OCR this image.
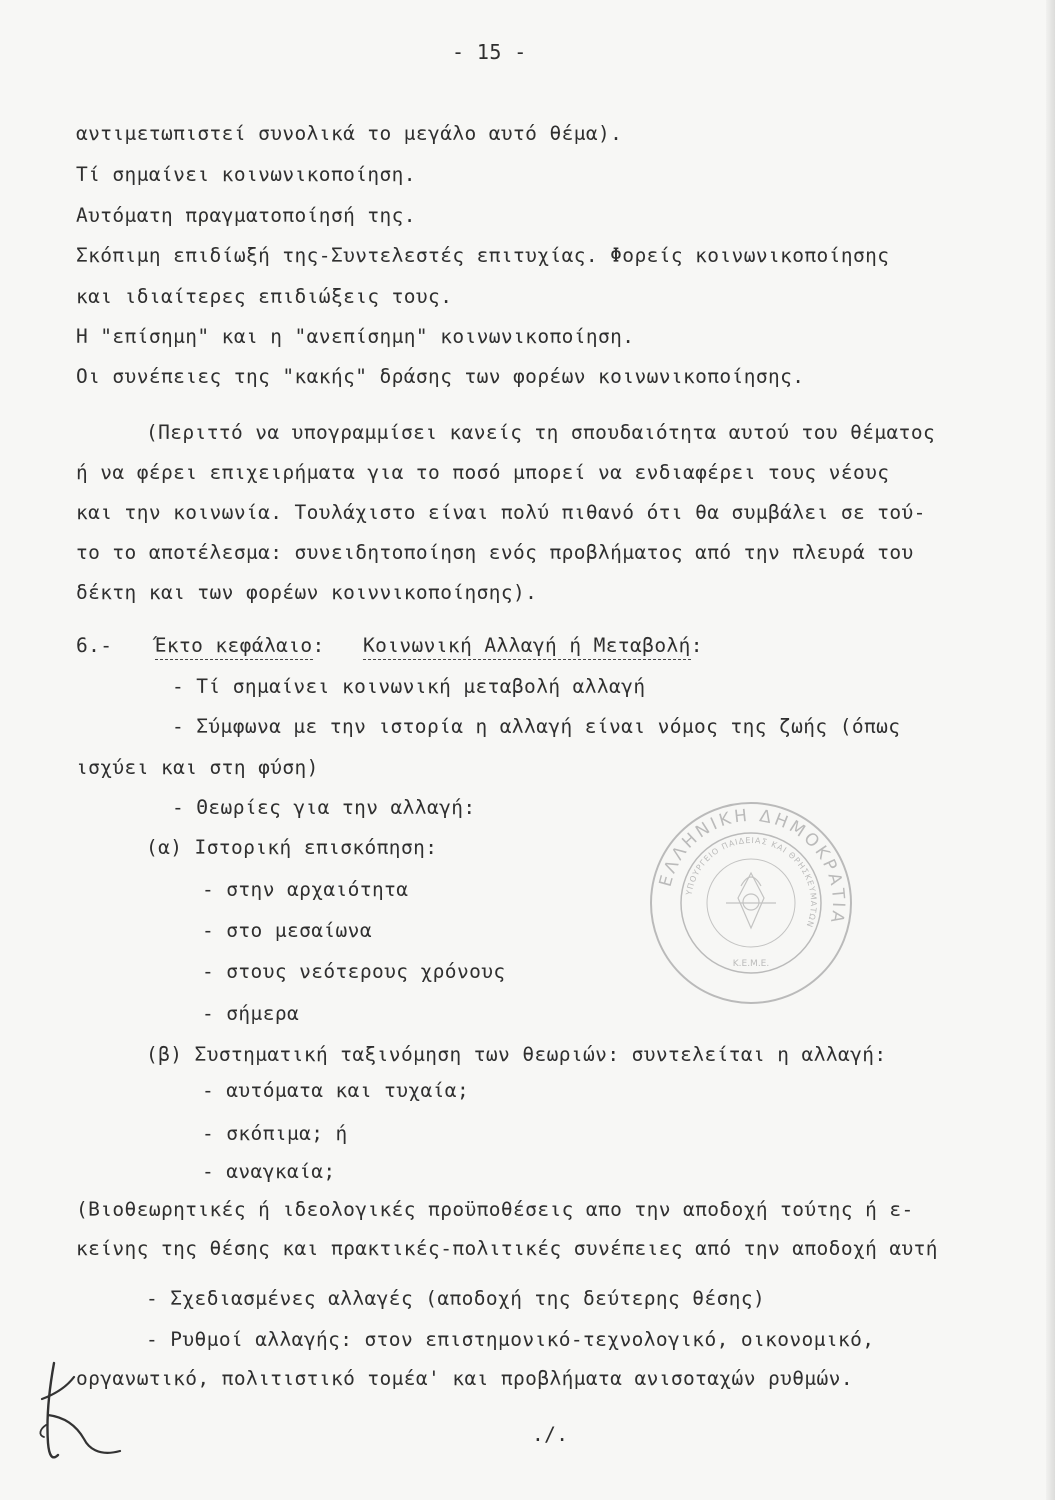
- 15 -
αντιμετωπιστεί συνολικά το μεγάλο αυτό θέμα).
Τί σημαίνει κοινωνικοποίηση.
Αυτόματη πραγματοποίησή της.
Σκόπιμη επιδίωξή της-Συντελεστές επιτυχίας. Φορείς κοινωνικοποίησης
και ιδιαίτερες επιδιώξεις τους.
Η "επίσημη" και η "ανεπίσημη" κοινωνικοποίηση.
Οι συνέπειες της "κακής" δράσης των φορέων κοινωνικοποίησης.
(Περιττό να υπογραμμίσει κανείς τη σπουδαιότητα αυτού του θέματος
ή να φέρει επιχειρήματα για το ποσό μπορεί να ενδιαφέρει τους νέους
και την κοινωνία. Τουλάχιστο είναι πολύ πιθανό ότι θα συμβάλει σε τού-
το το αποτέλεσμα: συνειδητοποίηση ενός προβλήματος από την πλευρά του
δέκτη και των φορέων κοιννικοποίησης).
6.- Έκτο κεφάλαιο: Κοινωνική Αλλαγή ή Μεταβολή:
- Τί σημαίνει κοινωνική μεταβολή αλλαγή
- Σύμφωνα με την ιστορία η αλλαγή είναι νόμος της ζωής (όπως
ισχύει και στη φύση)
- Θεωρίες για την αλλαγή:
(α) Ιστορική επισκόπηση:
- στην αρχαιότητα
- στο μεσαίωνα
- στους νεότερους χρόνους
- σήμερα
(β) Συστηματική ταξινόμηση των θεωριών: συντελείται η αλλαγή:
- αυτόματα και τυχαία;
- σκόπιμα; ή
- αναγκαία;
(Βιοθεωρητικές ή ιδεολογικές προϋποθέσεις απο την αποδοχή τούτης ή ε-
κείνης της θέσης και πρακτικές-πολιτικές συνέπειες από την αποδοχή αυτή
- Σχεδιασμένες αλλαγές (αποδοχή της δεύτερης θέσης)
- Ρυθμοί αλλαγής: στον επιστημονικό-τεχνολογικό, οικονομικό,
οργανωτικό, πολιτιστικό τομέα' και προβλήματα ανισοταχών ρυθμών.
./.
ΕΛΛΗΝΙΚΗ ΔΗΜΟΚΡΑΤΙΑ
ΥΠΟΥΡΓΕΙΟ ΠΑΙΔΕΙΑΣ ΚΑΙ ΘΡΗΣΚΕΥΜΑΤΩΝ
Κ.Ε.Μ.Ε.
